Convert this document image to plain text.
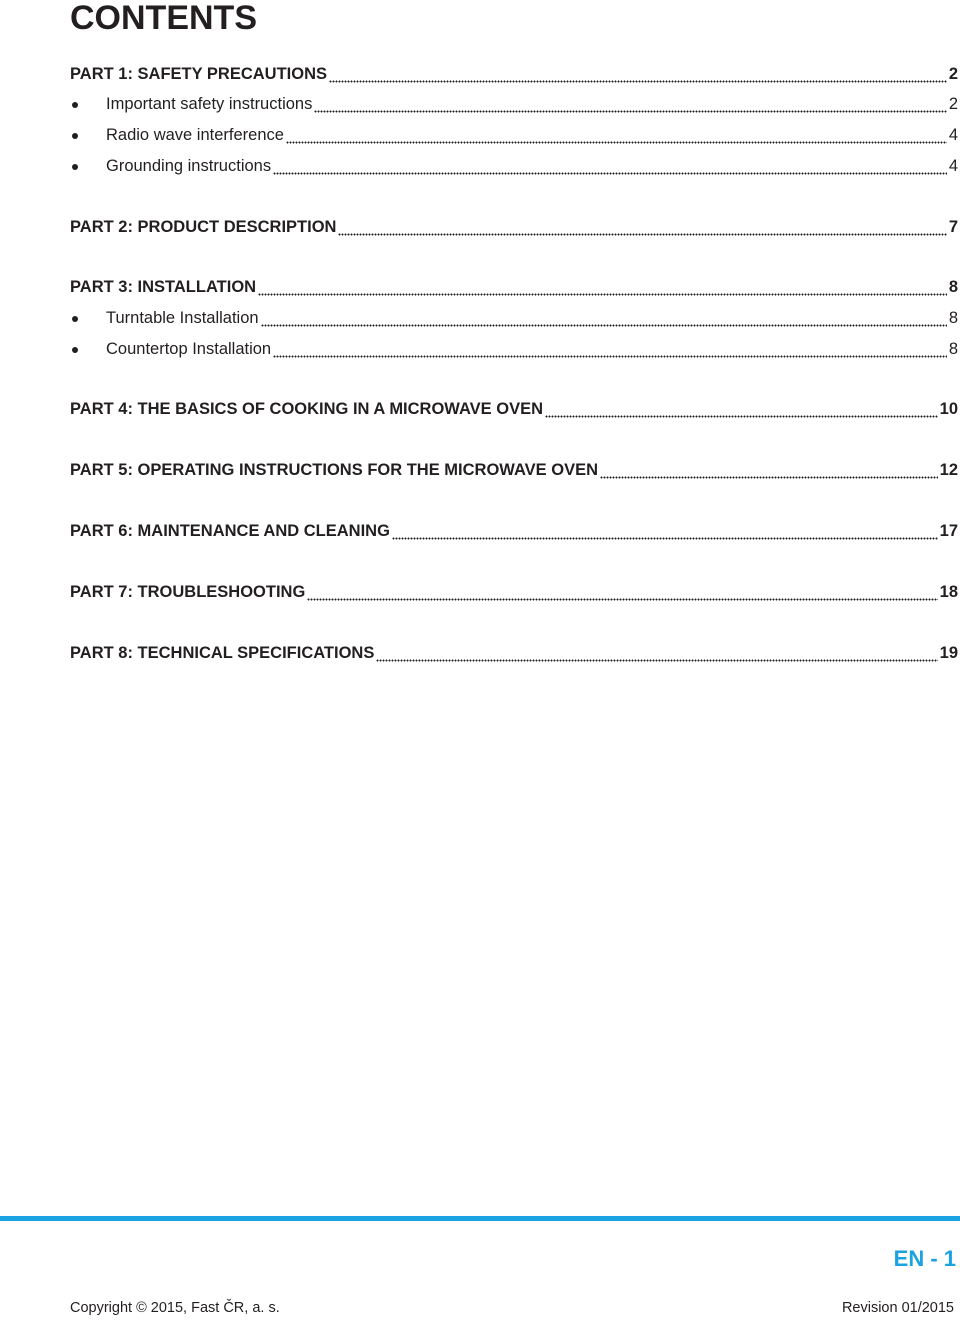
CONTENTS
PART 1: SAFETY PRECAUTIONS	2
Important safety instructions	2
Radio wave interference	4
Grounding instructions	4
PART 2: PRODUCT DESCRIPTION	7
PART 3: INSTALLATION	8
Turntable Installation	8
Countertop Installation	8
PART 4: THE BASICS OF COOKING IN A MICROWAVE OVEN	10
PART 5: OPERATING INSTRUCTIONS FOR THE MICROWAVE OVEN	12
PART 6: MAINTENANCE AND CLEANING	17
PART 7: TROUBLESHOOTING	18
PART 8: TECHNICAL SPECIFICATIONS	19
EN - 1
Copyright © 2015, Fast ČR, a. s.	Revision 01/2015
